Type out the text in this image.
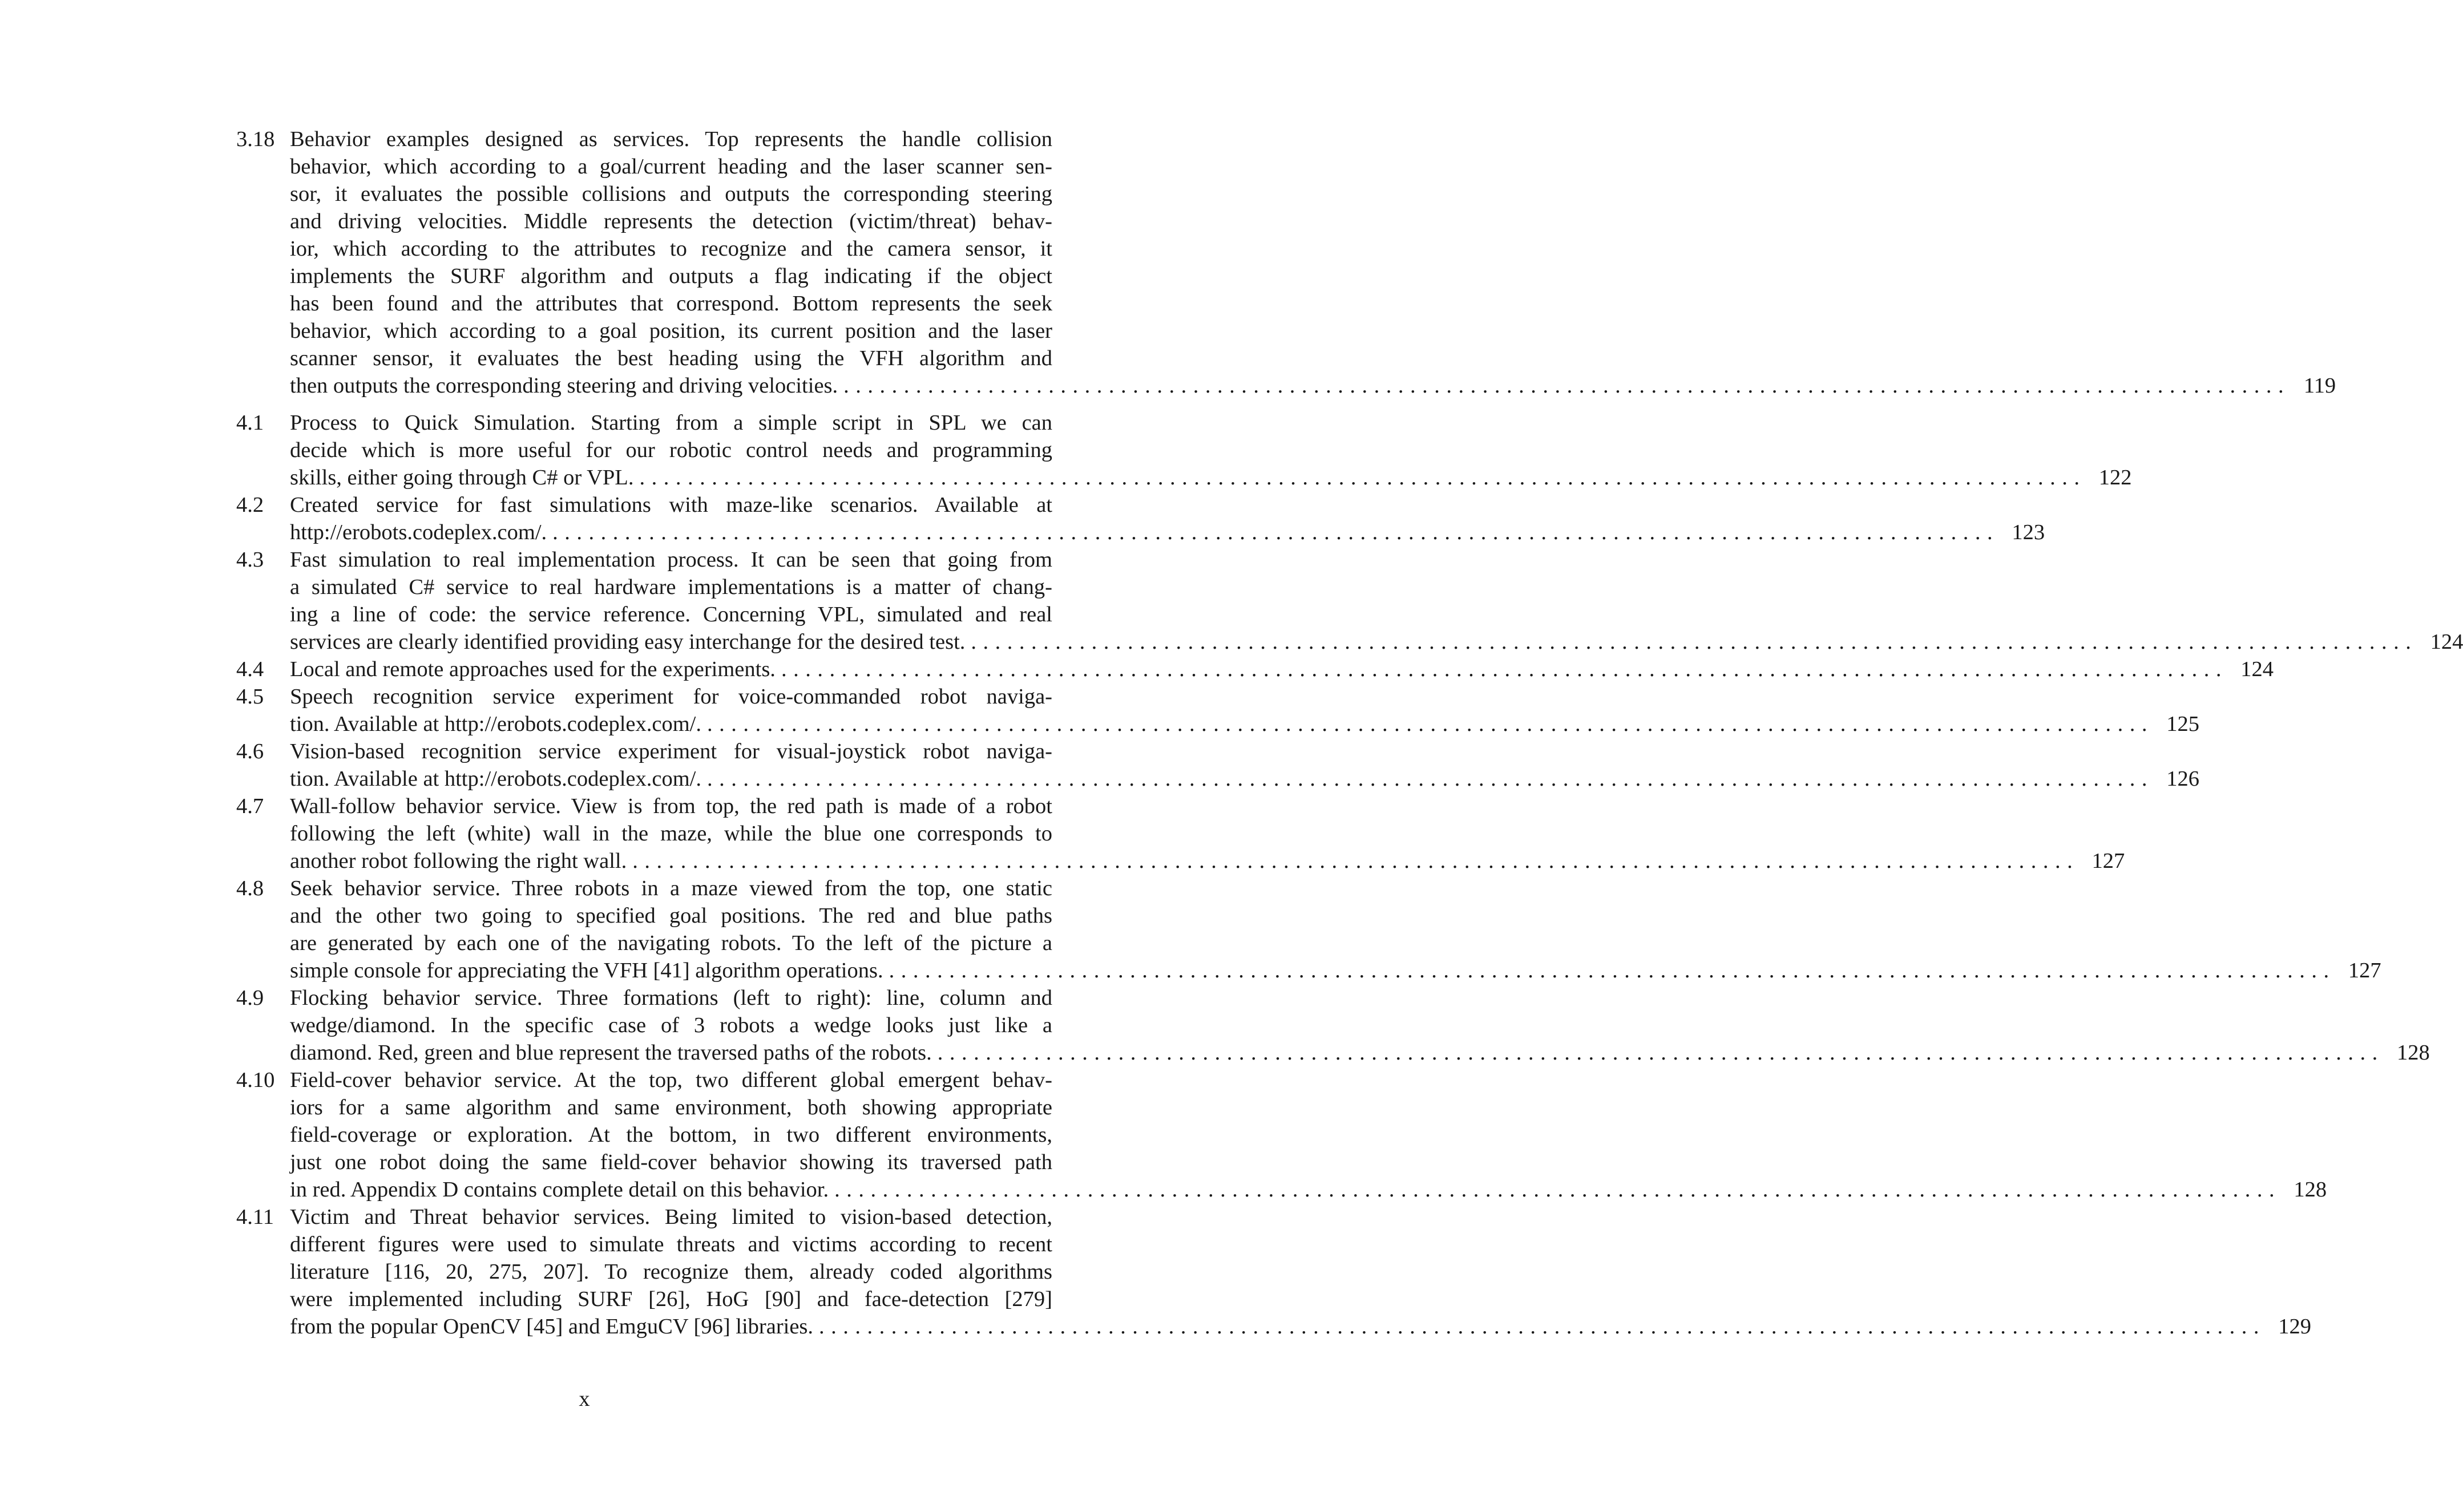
3.18 Behavior examples designed as services. Top represents the handle collision
behavior, which according to a goal/current heading and the laser scanner sen-
sor, it evaluates the possible collisions and outputs the corresponding steering
and driving velocities. Middle represents the detection (victim/threat) behav-
ior, which according to the attributes to recognize and the camera sensor, it
implements the SURF algorithm and outputs a flag indicating if the object
has been found and the attributes that correspond. Bottom represents the seek
behavior, which according to a goal position, its current position and the laser
scanner sensor, it evaluates the best heading using the VFH algorithm and
then outputs the corresponding steering and driving velocities. ........................................................................................................................ 119
4.1 Process to Quick Simulation. Starting from a simple script in SPL we can
decide which is more useful for our robotic control needs and programming
skills, either going through C# or VPL. ........................................................................................................................ 122
4.2 Created service for fast simulations with maze-like scenarios. Available at
http://erobots.codeplex.com/. ........................................................................................................................ 123
4.3 Fast simulation to real implementation process. It can be seen that going from
a simulated C# service to real hardware implementations is a matter of chang-
ing a line of code: the service reference. Concerning VPL, simulated and real
services are clearly identified providing easy interchange for the desired test. ........................................................................................................................ 124
4.4 Local and remote approaches used for the experiments. ........................................................................................................................ 124
4.5 Speech recognition service experiment for voice-commanded robot naviga-
tion. Available at http://erobots.codeplex.com/. ........................................................................................................................ 125
4.6 Vision-based recognition service experiment for visual-joystick robot naviga-
tion. Available at http://erobots.codeplex.com/. ........................................................................................................................ 126
4.7 Wall-follow behavior service. View is from top, the red path is made of a robot
following the left (white) wall in the maze, while the blue one corresponds to
another robot following the right wall. ........................................................................................................................ 127
4.8 Seek behavior service. Three robots in a maze viewed from the top, one static
and the other two going to specified goal positions. The red and blue paths
are generated by each one of the navigating robots. To the left of the picture a
simple console for appreciating the VFH [41] algorithm operations. ........................................................................................................................ 127
4.9 Flocking behavior service. Three formations (left to right): line, column and
wedge/diamond. In the specific case of 3 robots a wedge looks just like a
diamond. Red, green and blue represent the traversed paths of the robots. ........................................................................................................................ 128
4.10 Field-cover behavior service. At the top, two different global emergent behav-
iors for a same algorithm and same environment, both showing appropriate
field-coverage or exploration. At the bottom, in two different environments,
just one robot doing the same field-cover behavior showing its traversed path
in red. Appendix D contains complete detail on this behavior. ........................................................................................................................ 128
4.11 Victim and Threat behavior services. Being limited to vision-based detection,
different figures were used to simulate threats and victims according to recent
literature [116, 20, 275, 207]. To recognize them, already coded algorithms
were implemented including SURF [26], HoG [90] and face-detection [279]
from the popular OpenCV [45] and EmguCV [96] libraries. ........................................................................................................................ 129
x
